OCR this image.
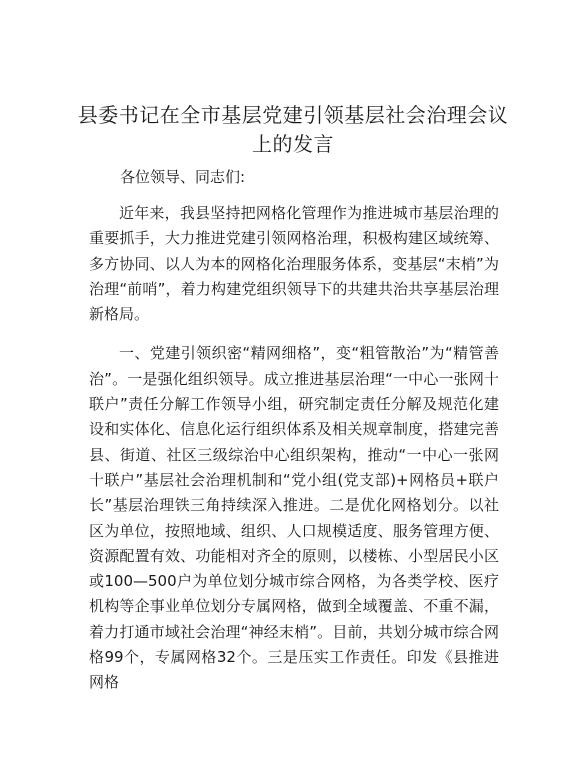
县委书记在全市基层党建引领基层社会治理会议上的发言

各位领导、同志们:

近年来，我县坚持把网格化管理作为推进城市基层治理的重要抓手，大力推进党建引领网格治理，积极构建区域统筹、多方协同、以人为本的网格化治理服务体系，变基层“末梢”为治理“前哨”，着力构建党组织领导下的共建共治共享基层治理新格局。

一、党建引领织密“精网细格”，变“粗管散治”为“精管善治”。一是强化组织领导。成立推进基层治理“一中心一张网十联户”责任分解工作领导小组，研究制定责任分解及规范化建设和实体化、信息化运行组织体系及相关规章制度，搭建完善县、街道、社区三级综治中心组织架构，推动“一中心一张网十联户”基层社会治理机制和“党小组(党支部)+网格员+联户长”基层治理铁三角持续深入推进。二是优化网格划分。以社区为单位，按照地域、组织、人口规模适度、服务管理方便、资源配置有效、功能相对齐全的原则，以楼栋、小型居民小区或100—500户为单位划分城市综合网格，为各类学校、医疗机构等企事业单位划分专属网格，做到全域覆盖、不重不漏，着力打通市域社会治理“神经末梢”。目前，共划分城市综合网格99个，专属网格32个。三是压实工作责任。印发《县推进网格
